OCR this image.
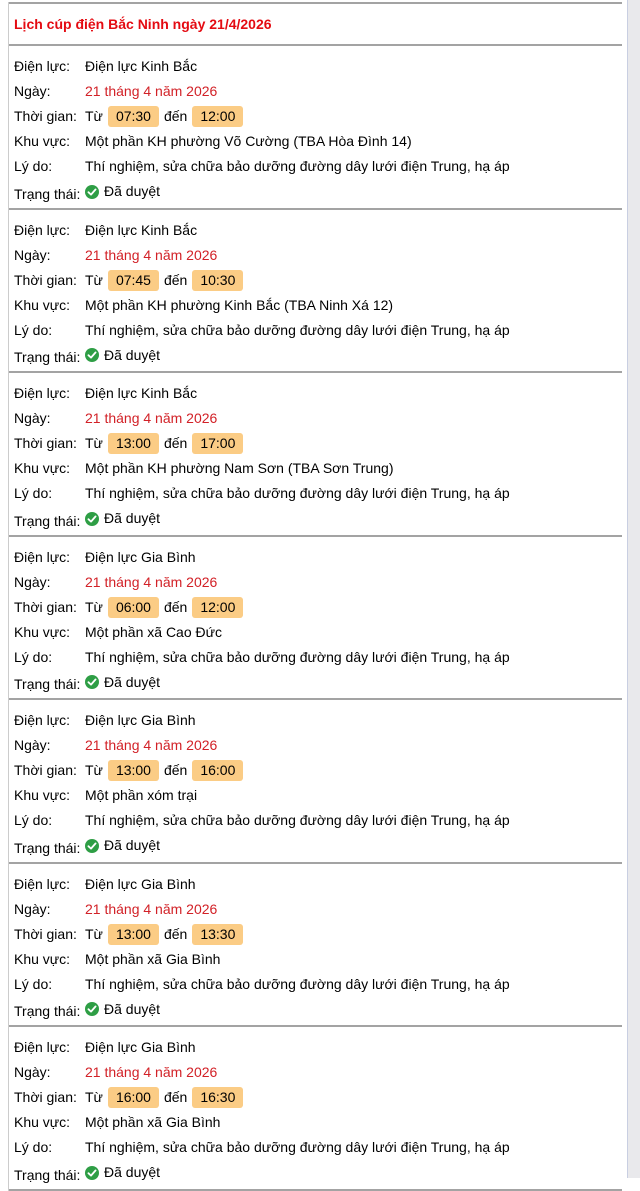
Lịch cúp điện Bắc Ninh ngày 21/4/2026
Điện lực:	Điện lực Kinh Bắc
Ngày:	21 tháng 4 năm 2026
Thời gian: Từ 07:30 đến 12:00
Khu vực:	Một phần KH phường Võ Cường (TBA Hòa Đình 14)
Lý do:	Thí nghiệm, sửa chữa bảo dưỡng đường dây lưới điện Trung, hạ áp
Trạng thái:	Đã duyệt
Điện lực:	Điện lực Kinh Bắc
Ngày:	21 tháng 4 năm 2026
Thời gian: Từ 07:45 đến 10:30
Khu vực:	Một phần KH phường Kinh Bắc (TBA Ninh Xá 12)
Lý do:	Thí nghiệm, sửa chữa bảo dưỡng đường dây lưới điện Trung, hạ áp
Trạng thái:	Đã duyệt
Điện lực:	Điện lực Kinh Bắc
Ngày:	21 tháng 4 năm 2026
Thời gian: Từ 13:00 đến 17:00
Khu vực:	Một phần KH phường Nam Sơn (TBA Sơn Trung)
Lý do:	Thí nghiệm, sửa chữa bảo dưỡng đường dây lưới điện Trung, hạ áp
Trạng thái:	Đã duyệt
Điện lực:	Điện lực Gia Bình
Ngày:	21 tháng 4 năm 2026
Thời gian: Từ 06:00 đến 12:00
Khu vực:	Một phần xã Cao Đức
Lý do:	Thí nghiệm, sửa chữa bảo dưỡng đường dây lưới điện Trung, hạ áp
Trạng thái:	Đã duyệt
Điện lực:	Điện lực Gia Bình
Ngày:	21 tháng 4 năm 2026
Thời gian: Từ 13:00 đến 16:00
Khu vực:	Một phần xóm trại
Lý do:	Thí nghiệm, sửa chữa bảo dưỡng đường dây lưới điện Trung, hạ áp
Trạng thái:	Đã duyệt
Điện lực:	Điện lực Gia Bình
Ngày:	21 tháng 4 năm 2026
Thời gian: Từ 13:00 đến 13:30
Khu vực:	Một phần xã Gia Bình
Lý do:	Thí nghiệm, sửa chữa bảo dưỡng đường dây lưới điện Trung, hạ áp
Trạng thái:	Đã duyệt
Điện lực:	Điện lực Gia Bình
Ngày:	21 tháng 4 năm 2026
Thời gian: Từ 16:00 đến 16:30
Khu vực:	Một phần xã Gia Bình
Lý do:	Thí nghiệm, sửa chữa bảo dưỡng đường dây lưới điện Trung, hạ áp
Trạng thái:	Đã duyệt
